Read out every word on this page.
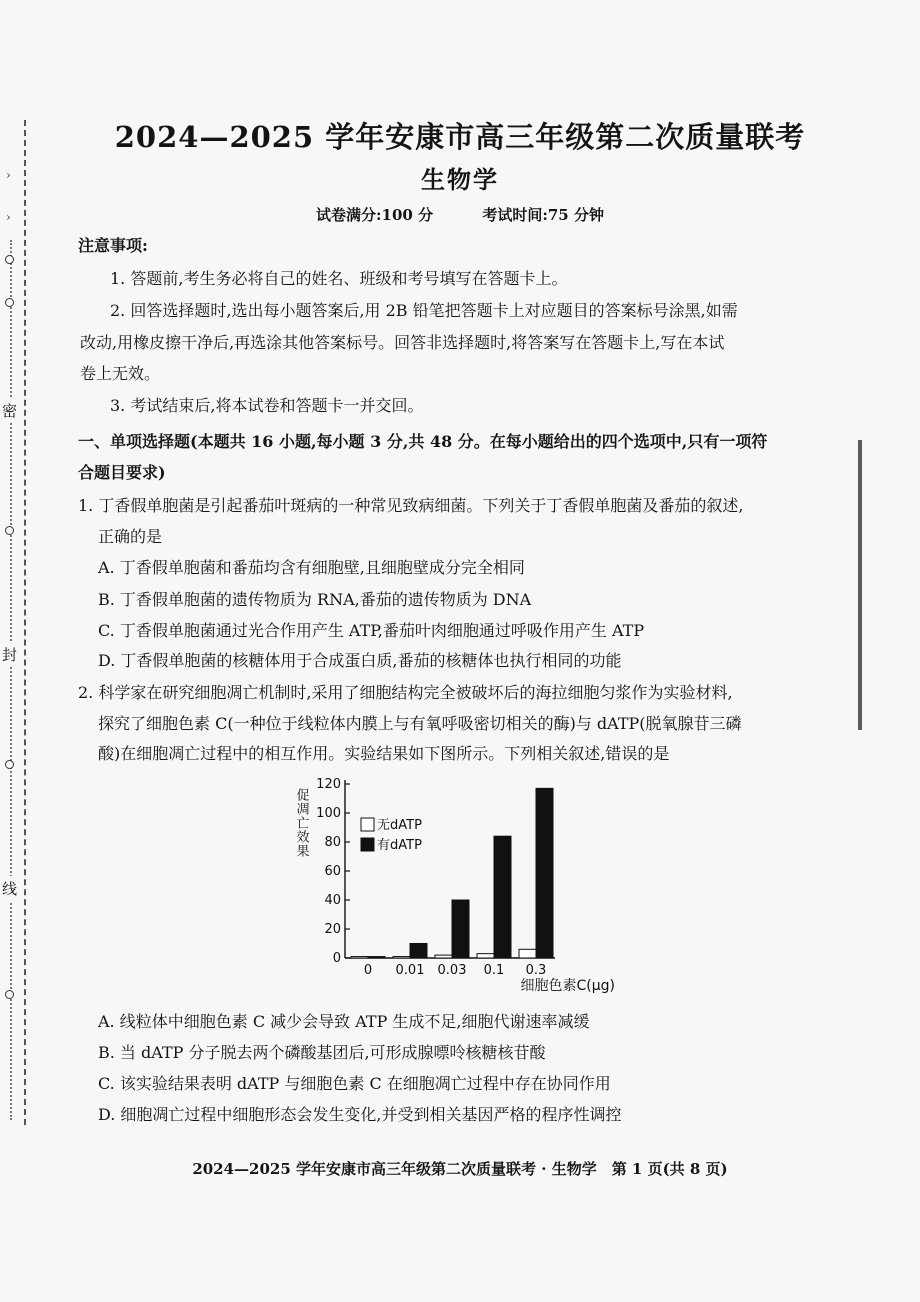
›
›
密
封
线
2024—2025 学年安康市高三年级第二次质量联考
生物学
试卷满分:100 分	考试时间:75 分钟
注意事项:
1. 答题前,考生务必将自己的姓名、班级和考号填写在答题卡上。
2. 回答选择题时,选出每小题答案后,用 2B 铅笔把答题卡上对应题目的答案标号涂黑,如需
改动,用橡皮擦干净后,再选涂其他答案标号。回答非选择题时,将答案写在答题卡上,写在本试
卷上无效。
3. 考试结束后,将本试卷和答题卡一并交回。
一、单项选择题(本题共 16 小题,每小题 3 分,共 48 分。在每小题给出的四个选项中,只有一项符
合题目要求)
1. 丁香假单胞菌是引起番茄叶斑病的一种常见致病细菌。下列关于丁香假单胞菌及番茄的叙述,
正确的是
A. 丁香假单胞菌和番茄均含有细胞壁,且细胞壁成分完全相同
B. 丁香假单胞菌的遗传物质为 RNA,番茄的遗传物质为 DNA
C. 丁香假单胞菌通过光合作用产生 ATP,番茄叶肉细胞通过呼吸作用产生 ATP
D. 丁香假单胞菌的核糖体用于合成蛋白质,番茄的核糖体也执行相同的功能
2. 科学家在研究细胞凋亡机制时,采用了细胞结构完全被破坏后的海拉细胞匀浆作为实验材料,
探究了细胞色素 C(一种位于线粒体内膜上与有氧呼吸密切相关的酶)与 dATP(脱氧腺苷三磷
酸)在细胞凋亡过程中的相互作用。实验结果如下图所示。下列相关叙述,错误的是
0
20
40
60
80
100
120
促凋亡效果
0 0.01 0.03 0.1 0.3
细胞色素C(μg)
无dATP
有dATP
A. 线粒体中细胞色素 C 减少会导致 ATP 生成不足,细胞代谢速率减缓
B. 当 dATP 分子脱去两个磷酸基团后,可形成腺嘌呤核糖核苷酸
C. 该实验结果表明 dATP 与细胞色素 C 在细胞凋亡过程中存在协同作用
D. 细胞凋亡过程中细胞形态会发生变化,并受到相关基因严格的程序性调控
2024—2025 学年安康市高三年级第二次质量联考 · 生物学　第 1 页(共 8 页)
